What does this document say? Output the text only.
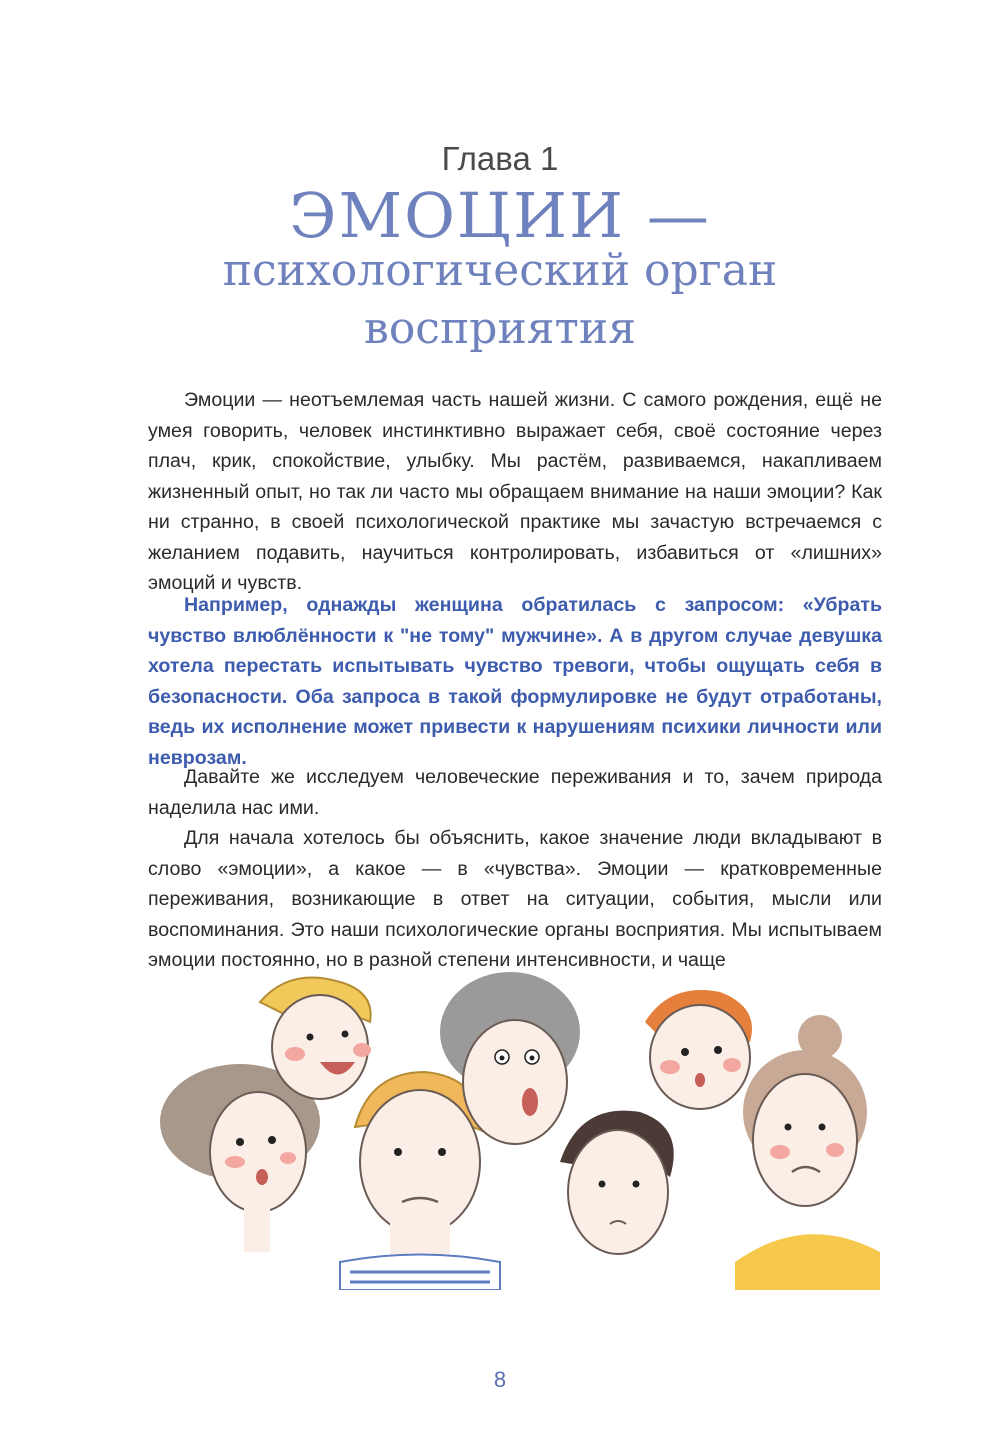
Глава 1
ЭМОЦИИ —
психологический орган
восприятия

Эмоции — неотъемлемая часть нашей жизни. С самого рождения, ещё не умея говорить, человек инстинктивно выражает себя, своё состояние через плач, крик, спокойствие, улыбку. Мы растём, развиваемся, накапливаем жизненный опыт, но так ли часто мы обращаем внимание на наши эмоции? Как ни странно, в своей психологической практике мы зачастую встречаемся с желанием подавить, научиться контролировать, избавиться от «лишних» эмоций и чувств.

Например, однажды женщина обратилась с запросом: «Убрать чувство влюблённости к "не тому" мужчине». А в другом случае девушка хотела перестать испытывать чувство тревоги, чтобы ощущать себя в безопасности. Оба запроса в такой формулировке не будут отработаны, ведь их исполнение может привести к нарушениям психики личности или неврозам.

Давайте же исследуем человеческие переживания и то, зачем природа наделила нас ими.

Для начала хотелось бы объяснить, какое значение люди вкладывают в слово «эмоции», а какое — в «чувства». Эмоции — кратковременные переживания, возникающие в ответ на ситуации, события, мысли или воспоминания. Это наши психологические органы восприятия. Мы испытываем эмоции постоянно, но в разной степени интенсивности, и чаще

8
